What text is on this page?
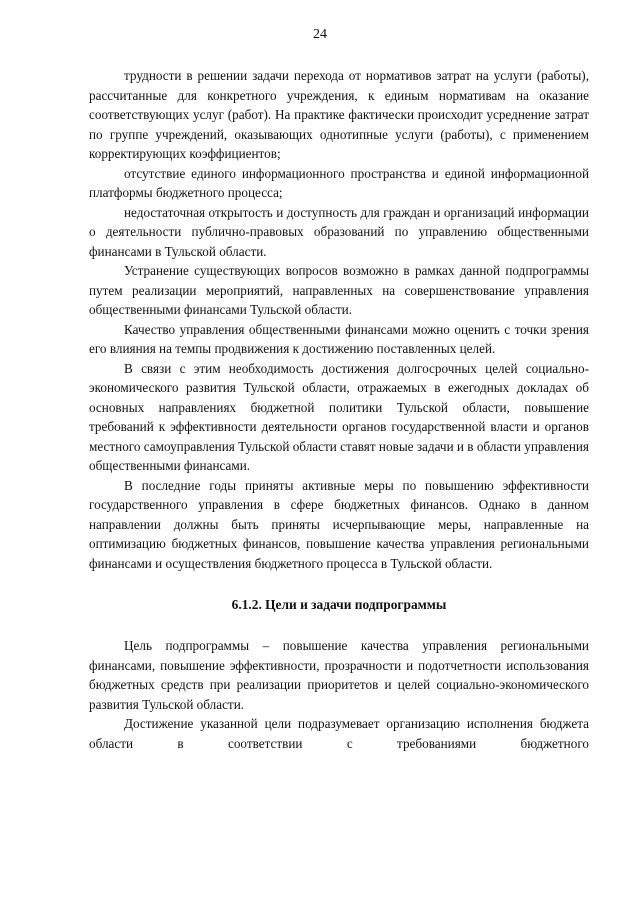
24

трудности в решении задачи перехода от нормативов затрат на услуги (работы), рассчитанные для конкретного учреждения, к единым нормативам на оказание соответствующих услуг (работ). На практике фактически происходит усреднение затрат по группе учреждений, оказывающих однотипные услуги (работы), с применением корректирующих коэффициентов;

отсутствие единого информационного пространства и единой информационной платформы бюджетного процесса;

недостаточная открытость и доступность для граждан и организаций информации о деятельности публично-правовых образований по управлению общественными финансами в Тульской области.

Устранение существующих вопросов возможно в рамках данной подпрограммы путем реализации мероприятий, направленных на совершенствование управления общественными финансами Тульской области.

Качество управления общественными финансами можно оценить с точки зрения его влияния на темпы продвижения к достижению поставленных целей.

В связи с этим необходимость достижения долгосрочных целей социально-экономического развития Тульской области, отражаемых в ежегодных докладах об основных направлениях бюджетной политики Тульской области, повышение требований к эффективности деятельности органов государственной власти и органов местного самоуправления Тульской области ставят новые задачи и в области управления общественными финансами.

В последние годы приняты активные меры по повышению эффективности государственного управления в сфере бюджетных финансов. Однако в данном направлении должны быть приняты исчерпывающие меры, направленные на оптимизацию бюджетных финансов, повышение качества управления региональными финансами и осуществления бюджетного процесса в Тульской области.

6.1.2. Цели и задачи подпрограммы

Цель подпрограммы – повышение качества управления региональными финансами, повышение эффективности, прозрачности и подотчетности использования бюджетных средств при реализации приоритетов и целей социально-экономического развития Тульской области.

Достижение указанной цели подразумевает организацию исполнения бюджета области в соответствии с требованиями бюджетного
